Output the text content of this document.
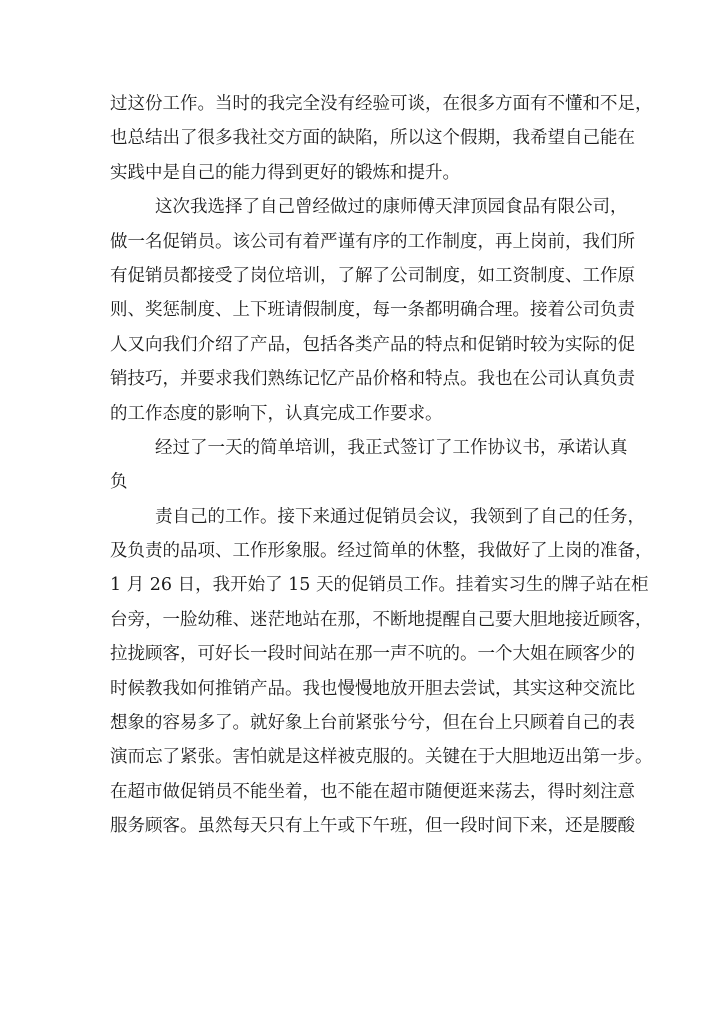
过这份工作。当时的我完全没有经验可谈，在很多方面有不懂和不足，
也总结出了很多我社交方面的缺陷，所以这个假期，我希望自己能在
实践中是自己的能力得到更好的锻炼和提升。
这次我选择了自己曾经做过的康师傅天津顶园食品有限公司，
做一名促销员。该公司有着严谨有序的工作制度，再上岗前，我们所
有促销员都接受了岗位培训，了解了公司制度，如工资制度、工作原
则、奖惩制度、上下班请假制度，每一条都明确合理。接着公司负责
人又向我们介绍了产品，包括各类产品的特点和促销时较为实际的促
销技巧，并要求我们熟练记忆产品价格和特点。我也在公司认真负责
的工作态度的影响下，认真完成工作要求。
经过了一天的简单培训，我正式签订了工作协议书，承诺认真
负
责自己的工作。接下来通过促销员会议，我领到了自己的任务，
及负责的品项、工作形象服。经过简单的休整，我做好了上岗的准备，
1 月 26 日，我开始了 15 天的促销员工作。挂着实习生的牌子站在柜
台旁，一脸幼稚、迷茫地站在那，不断地提醒自己要大胆地接近顾客，
拉拢顾客，可好长一段时间站在那一声不吭的。一个大姐在顾客少的
时候教我如何推销产品。我也慢慢地放开胆去尝试，其实这种交流比
想象的容易多了。就好象上台前紧张兮兮，但在台上只顾着自己的表
演而忘了紧张。害怕就是这样被克服的。关键在于大胆地迈出第一步。
在超市做促销员不能坐着，也不能在超市随便逛来荡去，得时刻注意
服务顾客。虽然每天只有上午或下午班，但一段时间下来，还是腰酸
